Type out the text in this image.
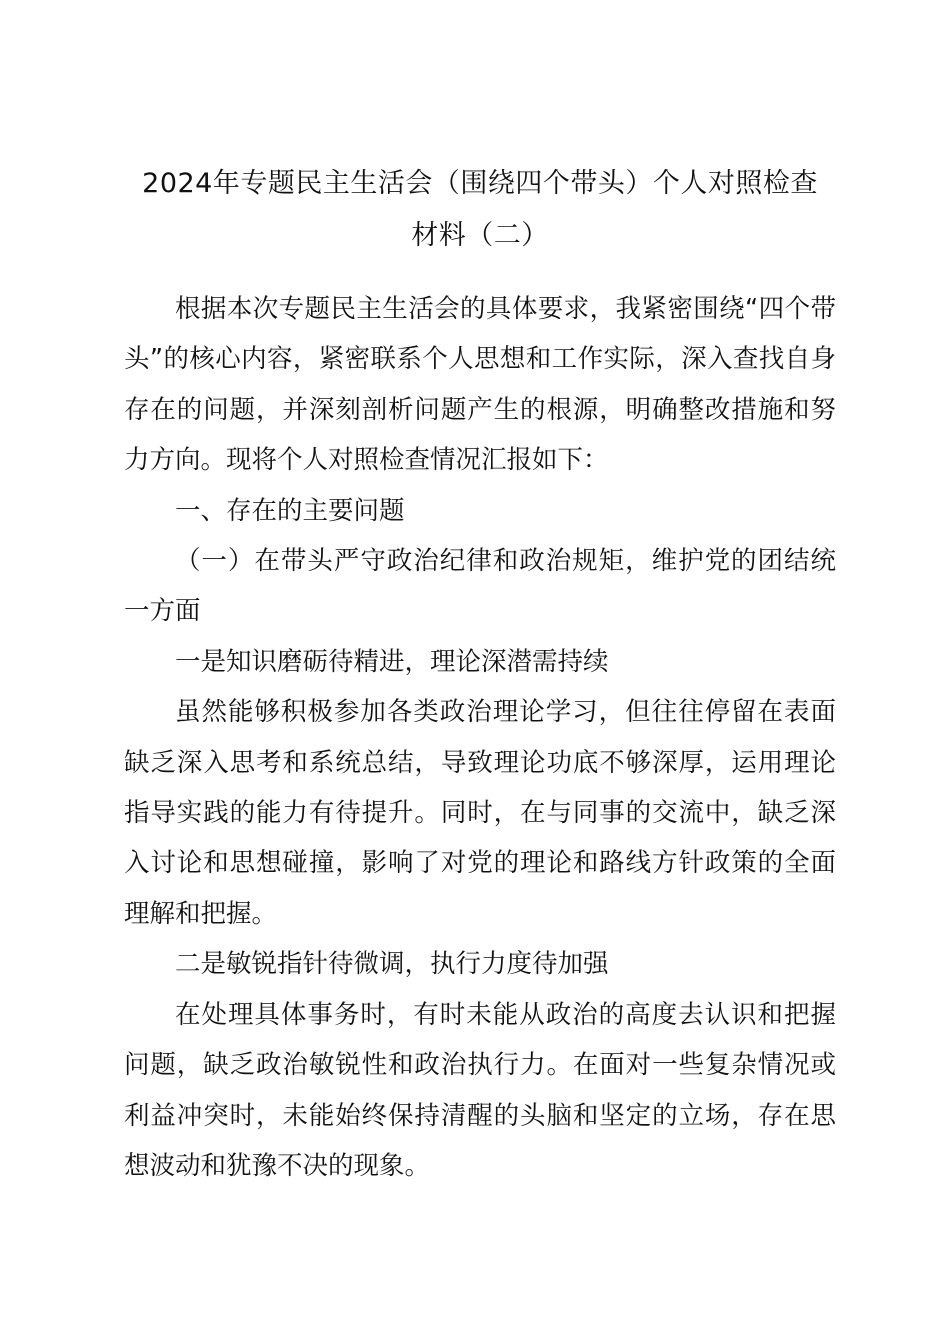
2024年专题民主生活会（围绕四个带头）个人对照检查
材料（二）

根据本次专题民主生活会的具体要求，我紧密围绕“四个带头”的核心内容，紧密联系个人思想和工作实际，深入查找自身存在的问题，并深刻剖析问题产生的根源，明确整改措施和努力方向。现将个人对照检查情况汇报如下：

一、存在的主要问题

（一）在带头严守政治纪律和政治规矩，维护党的团结统一方面

一是知识磨砺待精进，理论深潜需持续

虽然能够积极参加各类政治理论学习，但往往停留在表面缺乏深入思考和系统总结，导致理论功底不够深厚，运用理论指导实践的能力有待提升。同时，在与同事的交流中，缺乏深入讨论和思想碰撞，影响了对党的理论和路线方针政策的全面理解和把握。

二是敏锐指针待微调，执行力度待加强

在处理具体事务时，有时未能从政治的高度去认识和把握问题，缺乏政治敏锐性和政治执行力。在面对一些复杂情况或利益冲突时，未能始终保持清醒的头脑和坚定的立场，存在思想波动和犹豫不决的现象。
